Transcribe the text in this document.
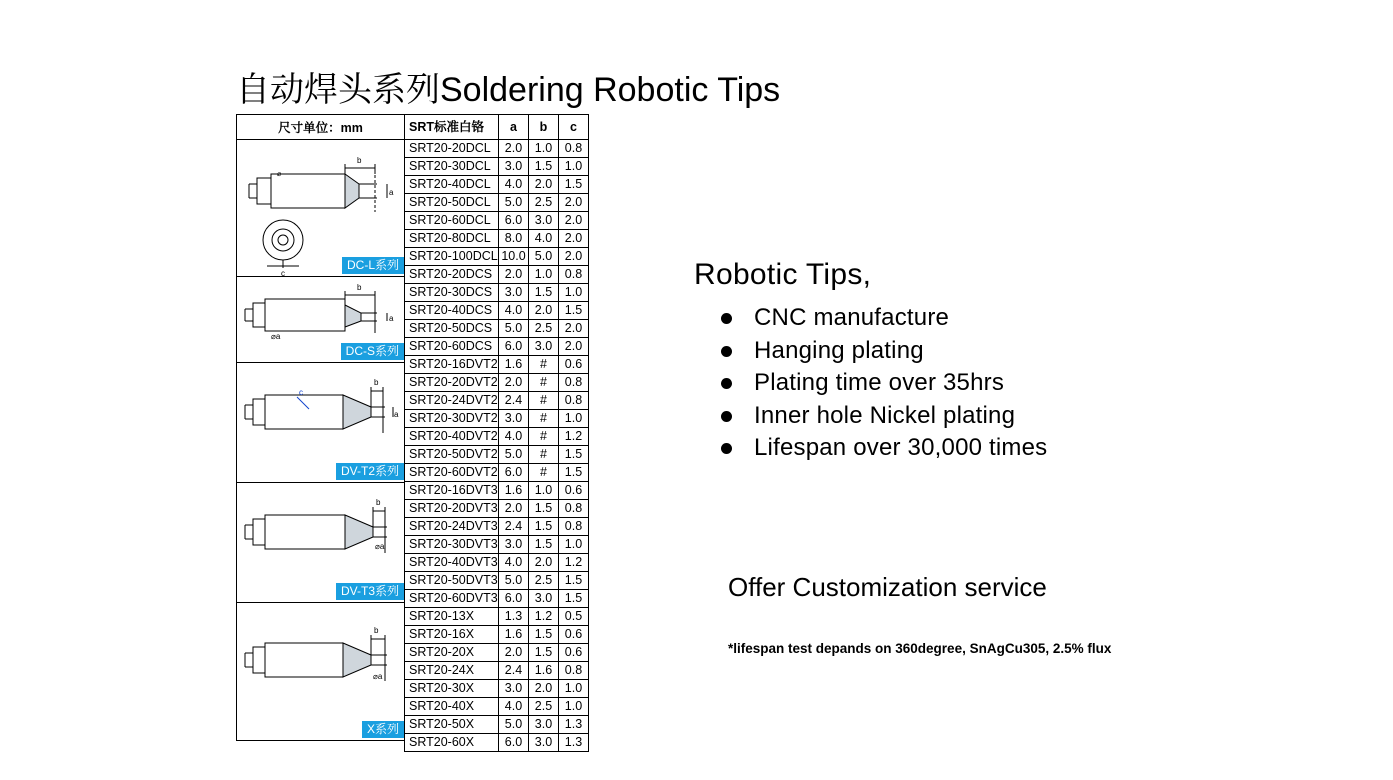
自动焊头系列Soldering Robotic Tips
尺寸单位：mm
b
a
⌀
c
DC-L系列
b
a
⌀a
DC-S系列
b
a
c
DV-T2系列
b
⌀a
DV-T3系列
b
⌀a
X系列
SRT标准白铬	a	b	c
SRT20-20DCL	2.0	1.0	0.8
SRT20-30DCL	3.0	1.5	1.0
SRT20-40DCL	4.0	2.0	1.5
SRT20-50DCL	5.0	2.5	2.0
SRT20-60DCL	6.0	3.0	2.0
SRT20-80DCL	8.0	4.0	2.0
SRT20-100DCL	10.0	5.0	2.0
SRT20-20DCS	2.0	1.0	0.8
SRT20-30DCS	3.0	1.5	1.0
SRT20-40DCS	4.0	2.0	1.5
SRT20-50DCS	5.0	2.5	2.0
SRT20-60DCS	6.0	3.0	2.0
SRT20-16DVT2	1.6	#	0.6
SRT20-20DVT2	2.0	#	0.8
SRT20-24DVT2	2.4	#	0.8
SRT20-30DVT2	3.0	#	1.0
SRT20-40DVT2	4.0	#	1.2
SRT20-50DVT2	5.0	#	1.5
SRT20-60DVT2	6.0	#	1.5
SRT20-16DVT3	1.6	1.0	0.6
SRT20-20DVT3	2.0	1.5	0.8
SRT20-24DVT3	2.4	1.5	0.8
SRT20-30DVT3	3.0	1.5	1.0
SRT20-40DVT3	4.0	2.0	1.2
SRT20-50DVT3	5.0	2.5	1.5
SRT20-60DVT3	6.0	3.0	1.5
SRT20-13X	1.3	1.2	0.5
SRT20-16X	1.6	1.5	0.6
SRT20-20X	2.0	1.5	0.6
SRT20-24X	2.4	1.6	0.8
SRT20-30X	3.0	2.0	1.0
SRT20-40X	4.0	2.5	1.0
SRT20-50X	5.0	3.0	1.3
SRT20-60X	6.0	3.0	1.3
Robotic Tips,
CNC manufacture
Hanging plating
Plating time over 35hrs
Inner hole Nickel plating
Lifespan over 30,000 times
Offer Customization service
*lifespan test depands on 360degree, SnAgCu305, 2.5% flux
